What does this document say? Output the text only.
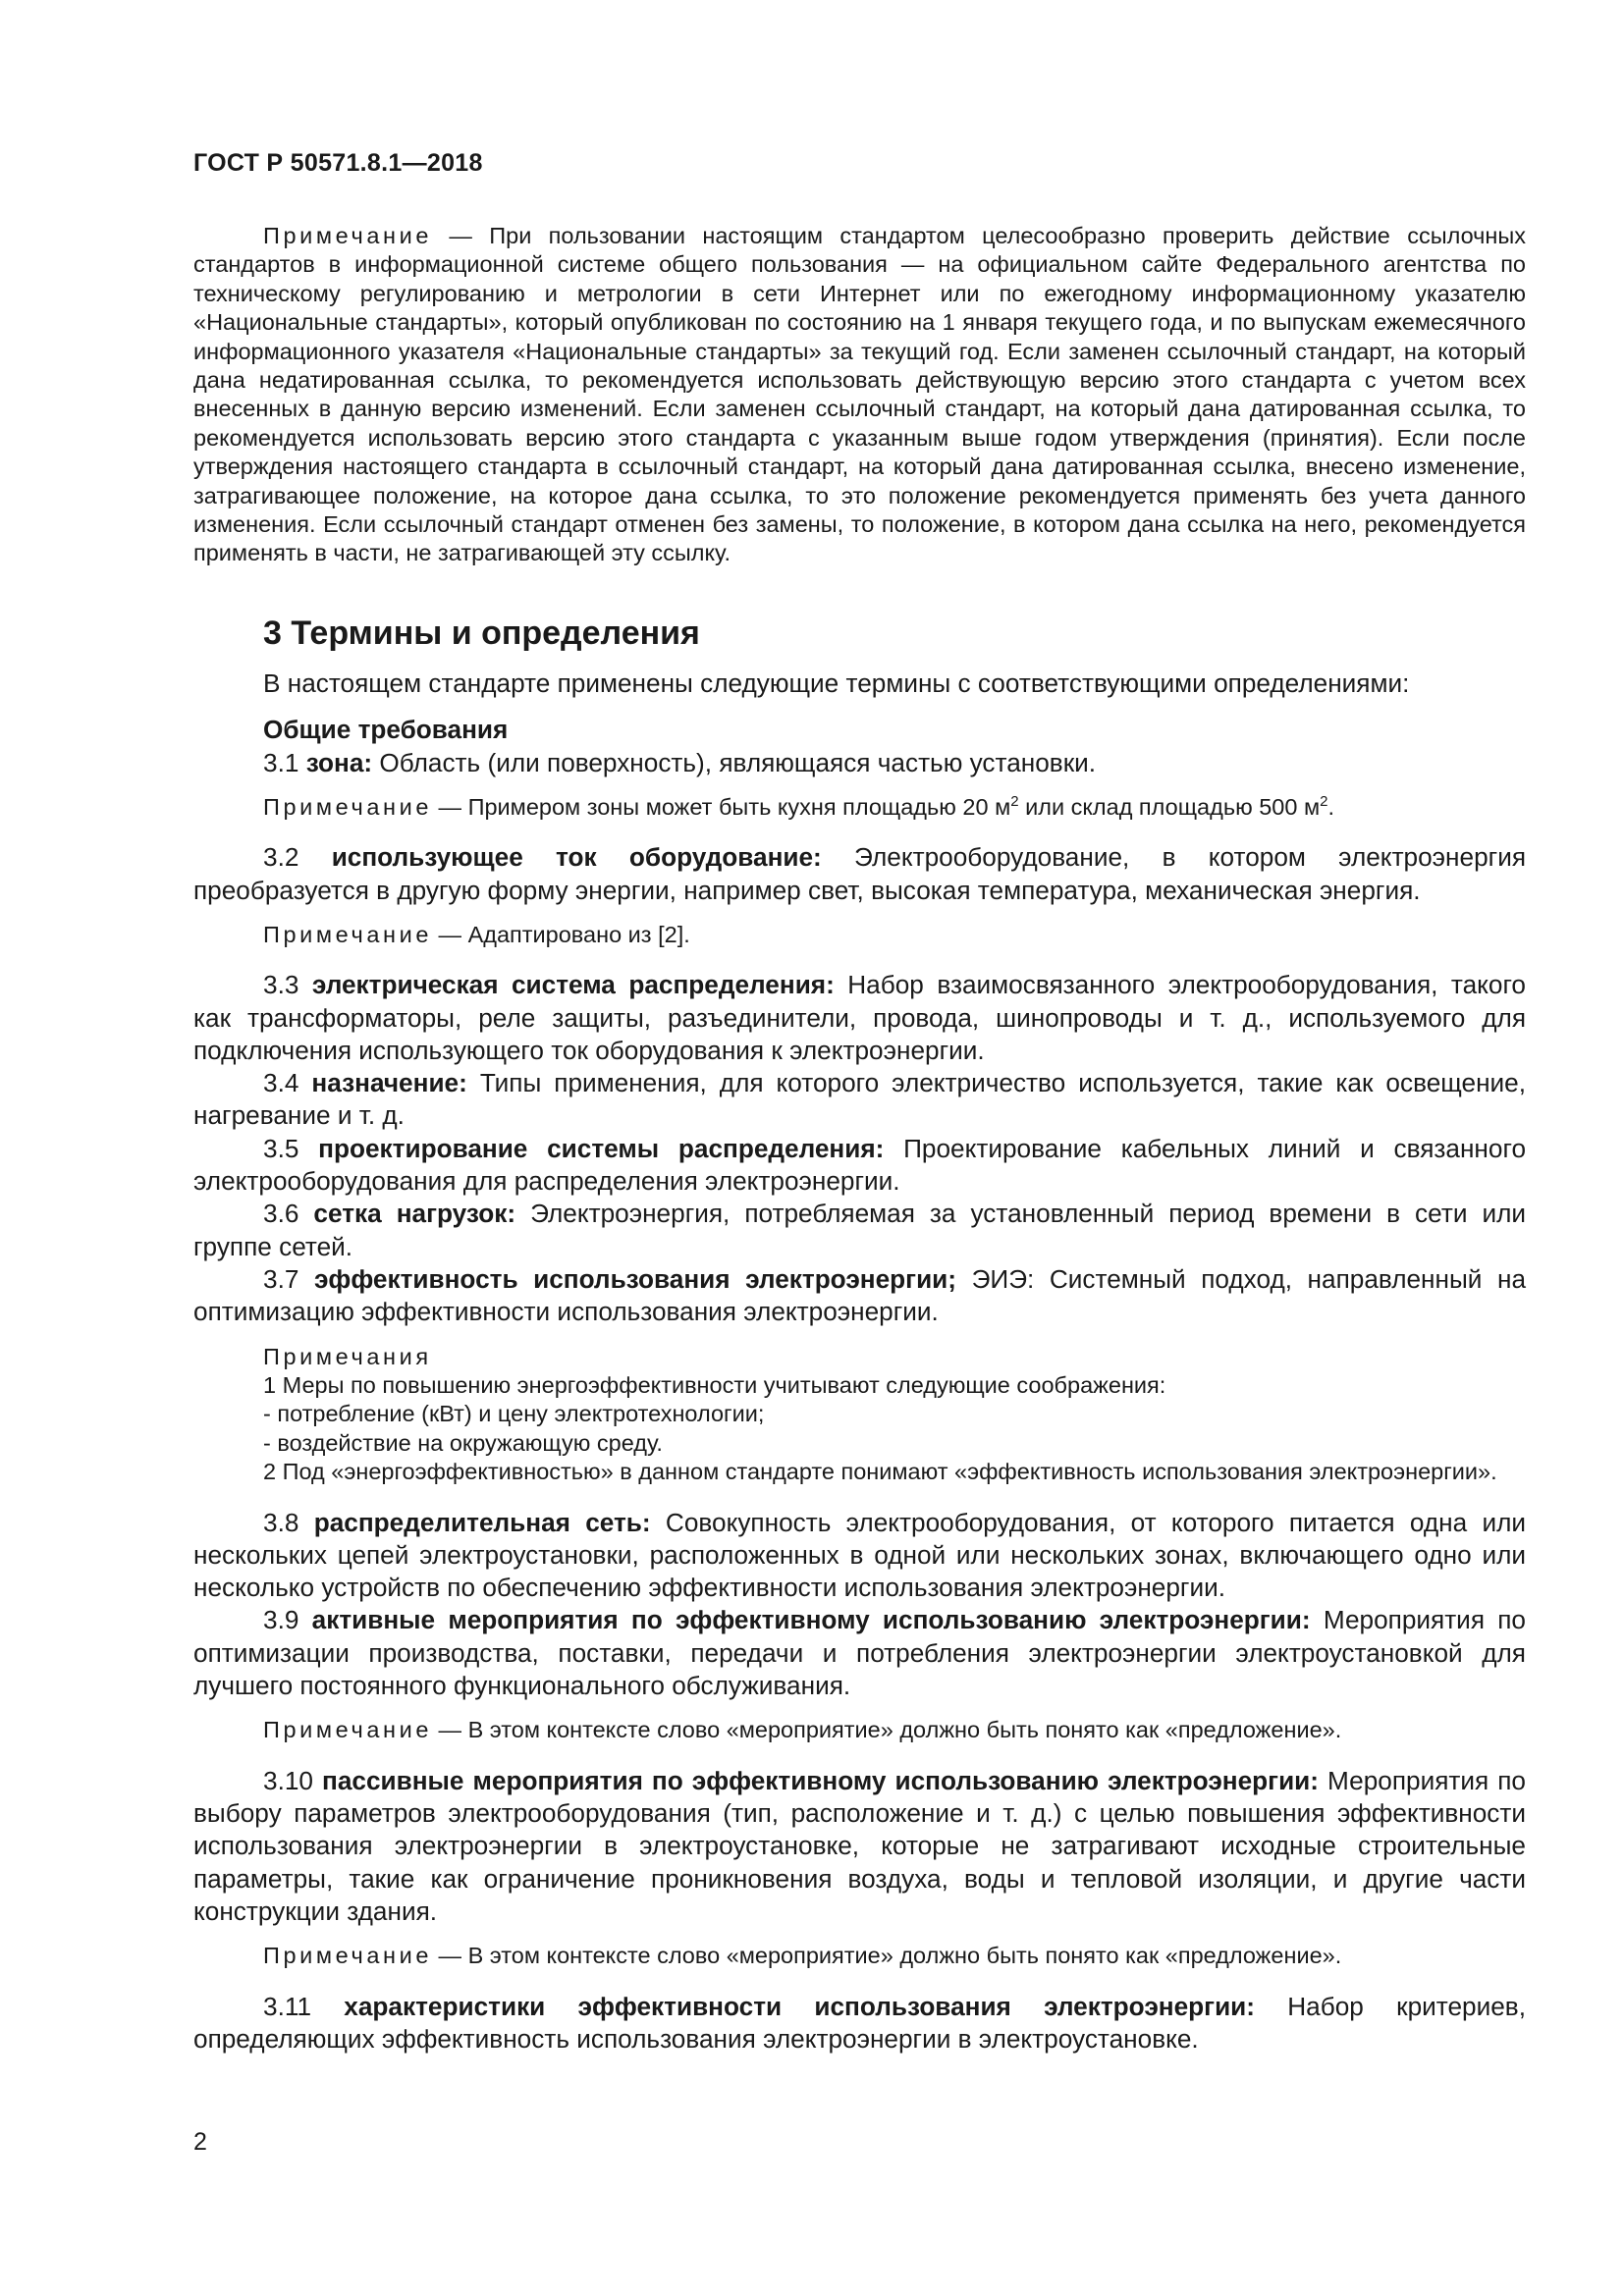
ГОСТ Р 50571.8.1—2018

Примечание — При пользовании настоящим стандартом целесообразно проверить действие ссылочных стандартов в информационной системе общего пользования — на официальном сайте Федерального агентства по техническому регулированию и метрологии в сети Интернет или по ежегодному информационному указателю «Национальные стандарты», который опубликован по состоянию на 1 января текущего года, и по выпускам ежемесячного информационного указателя «Национальные стандарты» за текущий год. Если заменен ссылочный стандарт, на который дана недатированная ссылка, то рекомендуется использовать действующую версию этого стандарта с учетом всех внесенных в данную версию изменений. Если заменен ссылочный стандарт, на который дана датированная ссылка, то рекомендуется использовать версию этого стандарта с указанным выше годом утверждения (принятия). Если после утверждения настоящего стандарта в ссылочный стандарт, на который дана датированная ссылка, внесено изменение, затрагивающее положение, на которое дана ссылка, то это положение рекомендуется применять без учета данного изменения. Если ссылочный стандарт отменен без замены, то положение, в котором дана ссылка на него, рекомендуется применять в части, не затрагивающей эту ссылку.

3 Термины и определения

В настоящем стандарте применены следующие термины с соответствующими определениями:

Общие требования

3.1 зона: Область (или поверхность), являющаяся частью установки.

Примечание — Примером зоны может быть кухня площадью 20 $м^2$ или склад площадью 500 $м^2$.

3.2 использующее ток оборудование: Электрооборудование, в котором электроэнергия преобразуется в другую форму энергии, например свет, высокая температура, механическая энергия.

Примечание — Адаптировано из [2].

3.3 электрическая система распределения: Набор взаимосвязанного электрооборудования, такого как трансформаторы, реле защиты, разъединители, провода, шинопроводы и т. д., используемого для подключения использующего ток оборудования к электроэнергии.

3.4 назначение: Типы применения, для которого электричество используется, такие как освещение, нагревание и т. д.

3.5 проектирование системы распределения: Проектирование кабельных линий и связанного электрооборудования для распределения электроэнергии.

3.6 сетка нагрузок: Электроэнергия, потребляемая за установленный период времени в сети или группе сетей.

3.7 эффективность использования электроэнергии; ЭИЭ: Системный подход, направленный на оптимизацию эффективности использования электроэнергии.

Примечания
1 Меры по повышению энергоэффективности учитывают следующие соображения:
- потребление (кВт) и цену электротехнологии;
- воздействие на окружающую среду.
2 Под «энергоэффективностью» в данном стандарте понимают «эффективность использования электроэнергии».

3.8 распределительная сеть: Совокупность электрооборудования, от которого питается одна или нескольких цепей электроустановки, расположенных в одной или нескольких зонах, включающего одно или несколько устройств по обеспечению эффективности использования электроэнергии.

3.9 активные мероприятия по эффективному использованию электроэнергии: Мероприятия по оптимизации производства, поставки, передачи и потребления электроэнергии электроустановкой для лучшего постоянного функционального обслуживания.

Примечание — В этом контексте слово «мероприятие» должно быть понято как «предложение».

3.10 пассивные мероприятия по эффективному использованию электроэнергии: Мероприятия по выбору параметров электрооборудования (тип, расположение и т. д.) с целью повышения эффективности использования электроэнергии в электроустановке, которые не затрагивают исходные строительные параметры, такие как ограничение проникновения воздуха, воды и тепловой изоляции, и другие части конструкции здания.

Примечание — В этом контексте слово «мероприятие» должно быть понято как «предложение».

3.11 характеристики эффективности использования электроэнергии: Набор критериев, определяющих эффективность использования электроэнергии в электроустановке.

2
